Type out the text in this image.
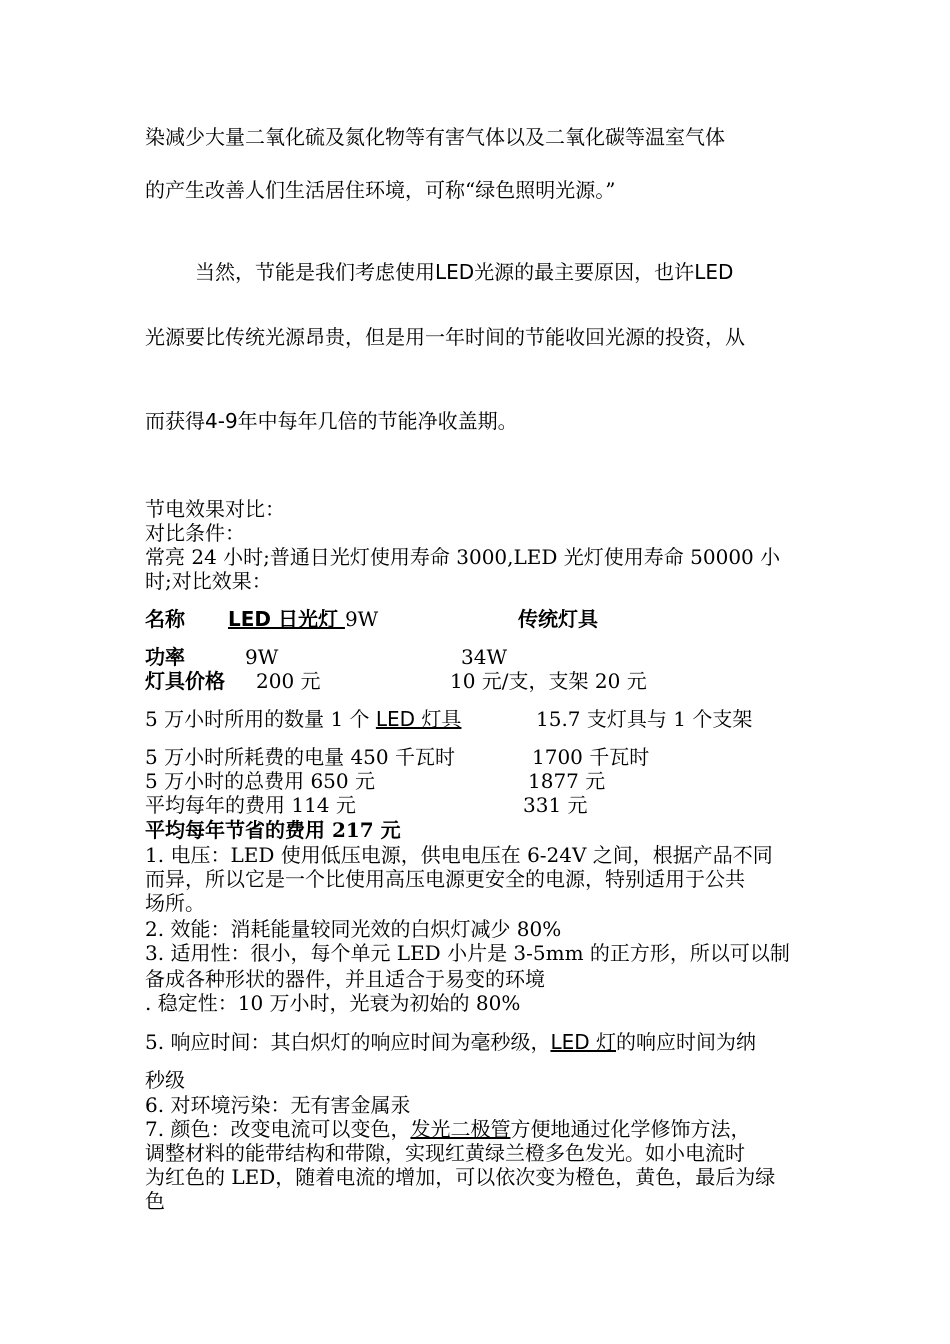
染减少大量二氧化硫及氮化物等有害气体以及二氧化碳等温室气体
的产生改善人们生活居住环境，可称“绿色照明光源。”
当然，节能是我们考虑使用LED光源的最主要原因，也许LED
光源要比传统光源昂贵，但是用一年时间的节能收回光源的投资，从
而获得4-9年中每年几倍的节能净收盖期。
节电效果对比：
对比条件：
常亮 24 小时;普通日光灯使用寿命 3000,LED 光灯使用寿命 50000 小
时;对比效果：
名称 LED 日光灯 9W	传统灯具
功率	9W	34W
灯具价格 200 元	10 元/支，支架 20 元
5 万小时所用的数量 1 个 LED 灯具	15.7 支灯具与 1 个支架
5 万小时所耗费的电量 450 千瓦时	1700 千瓦时
5 万小时的总费用 650 元	1877 元
平均每年的费用 114 元	331 元
平均每年节省的费用 217 元
1. 电压：LED 使用低压电源，供电电压在 6-24V 之间，根据产品不同
而异，所以它是一个比使用高压电源更安全的电源，特别适用于公共
场所。
2. 效能：消耗能量较同光效的白炽灯减少 80%
3. 适用性：很小，每个单元 LED 小片是 3-5mm 的正方形，所以可以制
备成各种形状的器件，并且适合于易变的环境
. 稳定性：10 万小时，光衰为初始的 80%
5. 响应时间：其白炽灯的响应时间为毫秒级，LED 灯的响应时间为纳
秒级
6. 对环境污染：无有害金属汞
7. 颜色：改变电流可以变色，发光二极管方便地通过化学修饰方法，
调整材料的能带结构和带隙，实现红黄绿兰橙多色发光。如小电流时
为红色的 LED，随着电流的增加，可以依次变为橙色，黄色，最后为绿
色
